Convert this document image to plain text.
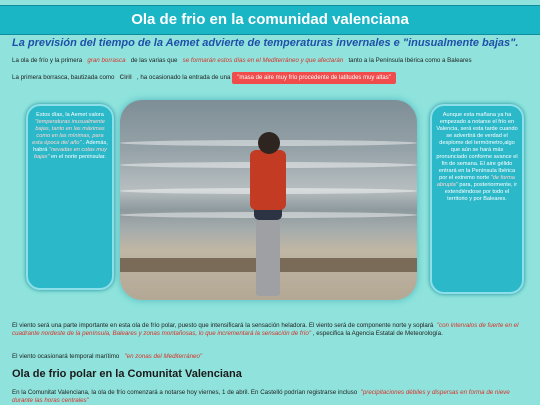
Ola de frio en la comunidad valenciana
La previsión del tiempo de la Aemet advierte de temperaturas invernales e "inusualmente bajas".
La ola de frío y la primera gran borrasca de las varias que se formarán estos días en el Mediterráneo y que afectarán tanto a la Península Ibérica como a Baleares
La primera borrasca, bautizada como Ciril , ha ocasionado la entrada de una "masa de aire muy frío procedente de latitudes muy altas"
Estos días, la Aemet valora "temperaturas inusualmente bajas, tanto en las máximas como en las mínimas, para esta época del año" . Además, habrá "nevadas en cotas muy bajas" en el norte peninsular.
Aunque esta mañana ya ha empezado a notarse el frío en Valencia, será esta tarde cuando se advertirá de verdad el desplome del termómetro,algo que aún se hará más pronunciado conforme avance el fin de semana. El aire gélido entrará en la Península Ibérica por el extremo norte "de forma abrupta" para, posteriormente, ir extendiéndose por todo el territorio y por Baleares.
El viento será una parte importante en esta ola de frío polar, puesto que intensificará la sensación heladora. El viento será de componente norte y soplará "con intervalos de fuerte en el cuadrante nordeste de la península, Baleares y zonas montañosas, lo que incrementará la sensación de frío" , especifica la Agencia Estatal de Meteorología.
El viento ocasionará temporal marítimo "en zonas del Mediterráneo"
Ola de frio polar en la Comunitat Valenciana
En la Comunitat Valenciana, la ola de frío comenzará a notarse hoy viernes, 1 de abril. En Castelló podrían registrarse incluso "precipitaciones débiles y dispersas en forma de nieve durante las horas centrales"
